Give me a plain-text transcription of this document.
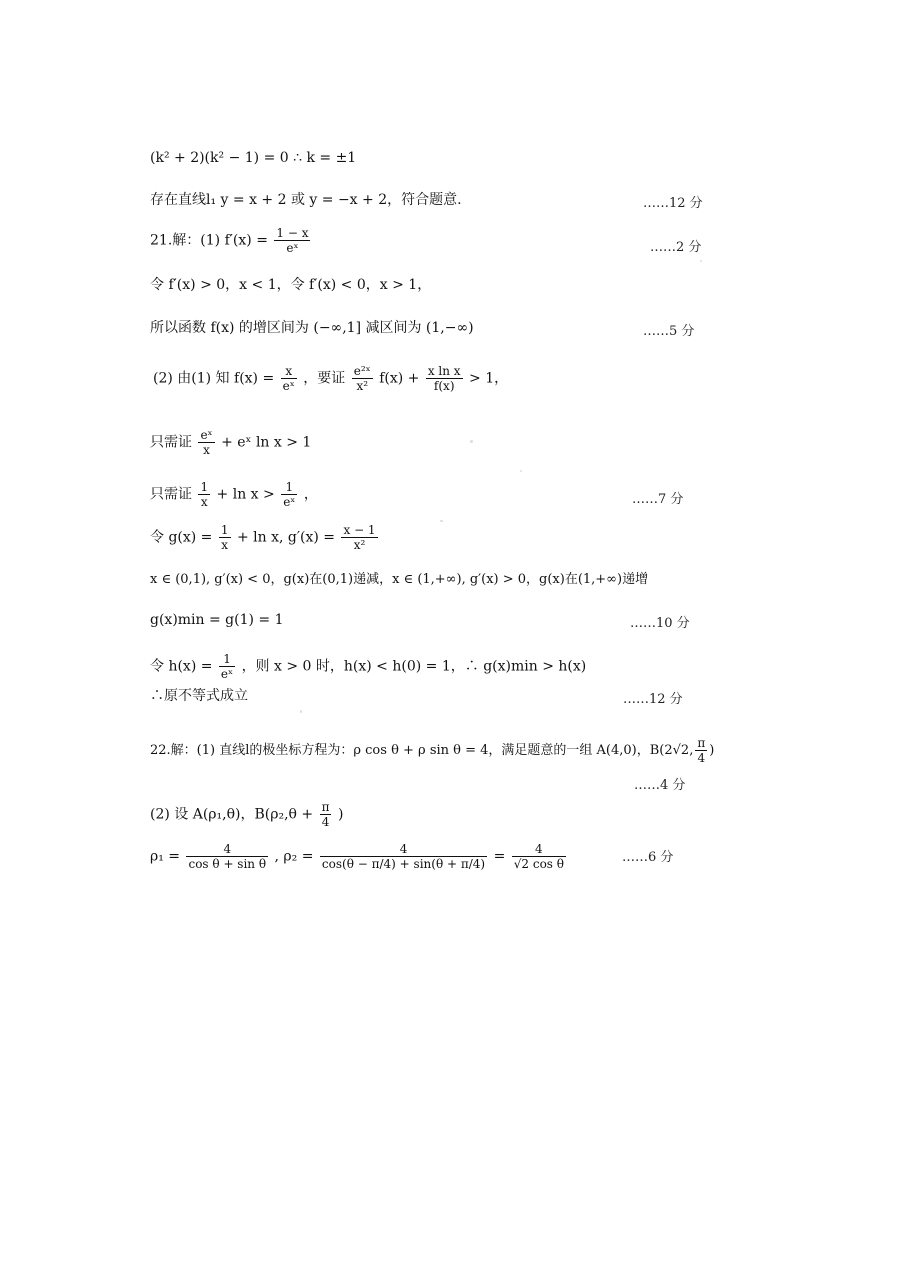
(k² + 2)(k² − 1) = 0 ∴ k = ±1
存在直线l₁ y = x + 2 或 y = −x + 2，符合题意.	……12 分
21.解：(1) $f'(x) = \frac{1 - x}{\text{eˣ}}$	……2 分
令 f′(x) > 0，x < 1，令 f′(x) < 0，x > 1，
所以函数 f(x) 的增区间为 (−∞,1] 减区间为 (1,−∞)	……5 分
(2) 由(1) 知 $f(x) = \frac{x}{\text{eˣ}}$ ，要证 $\frac{\text{e²ˣ}}{\text{x²}} f(x) + \frac{\text{x ln x}}{f(x)} > 1$，
只需证 $\frac{\text{eˣ}}{x}$ + eˣ ln x > 1
只需证 $\frac{1}{x} + \ln x > \frac{1}{\text{eˣ}}$ ，	……7 分
令 $g(x) = \frac{1}{x} + \ln x$, $g'(x) = \frac{x - 1}{\text{x²}}$
x ∈ (0,1), g′(x) < 0，g(x)在(0,1)递减，x ∈ (1,+∞), g′(x) > 0，g(x)在(1,+∞)递增
g(x)min = g(1) = 1	……10 分
令 $h(x) = \frac{1}{\text{eˣ}}$ ，则 x > 0 时，h(x) < h(0) = 1，∴ g(x)min > h(x)
∴原不等式成立	……12 分
22.解：(1) 直线l的极坐标方程为：ρ cos θ + ρ sin θ = 4，满足题意的一组 A(4,0)，B(2√2, $\frac{\pi}{4}$ )
……4 分
(2) 设 A(ρ₁,θ)，$B(\rho_2,\theta + \frac{\pi}{4}$ )
$\rho_1 = \frac{4}{\text{cos θ + sin θ}}$ , $\rho_2 = \frac{4}{\cos(\theta - \pi/4) + \sin(\theta + \pi/4)} = \frac{4}{\text{√2 cos θ}}$	……6 分
